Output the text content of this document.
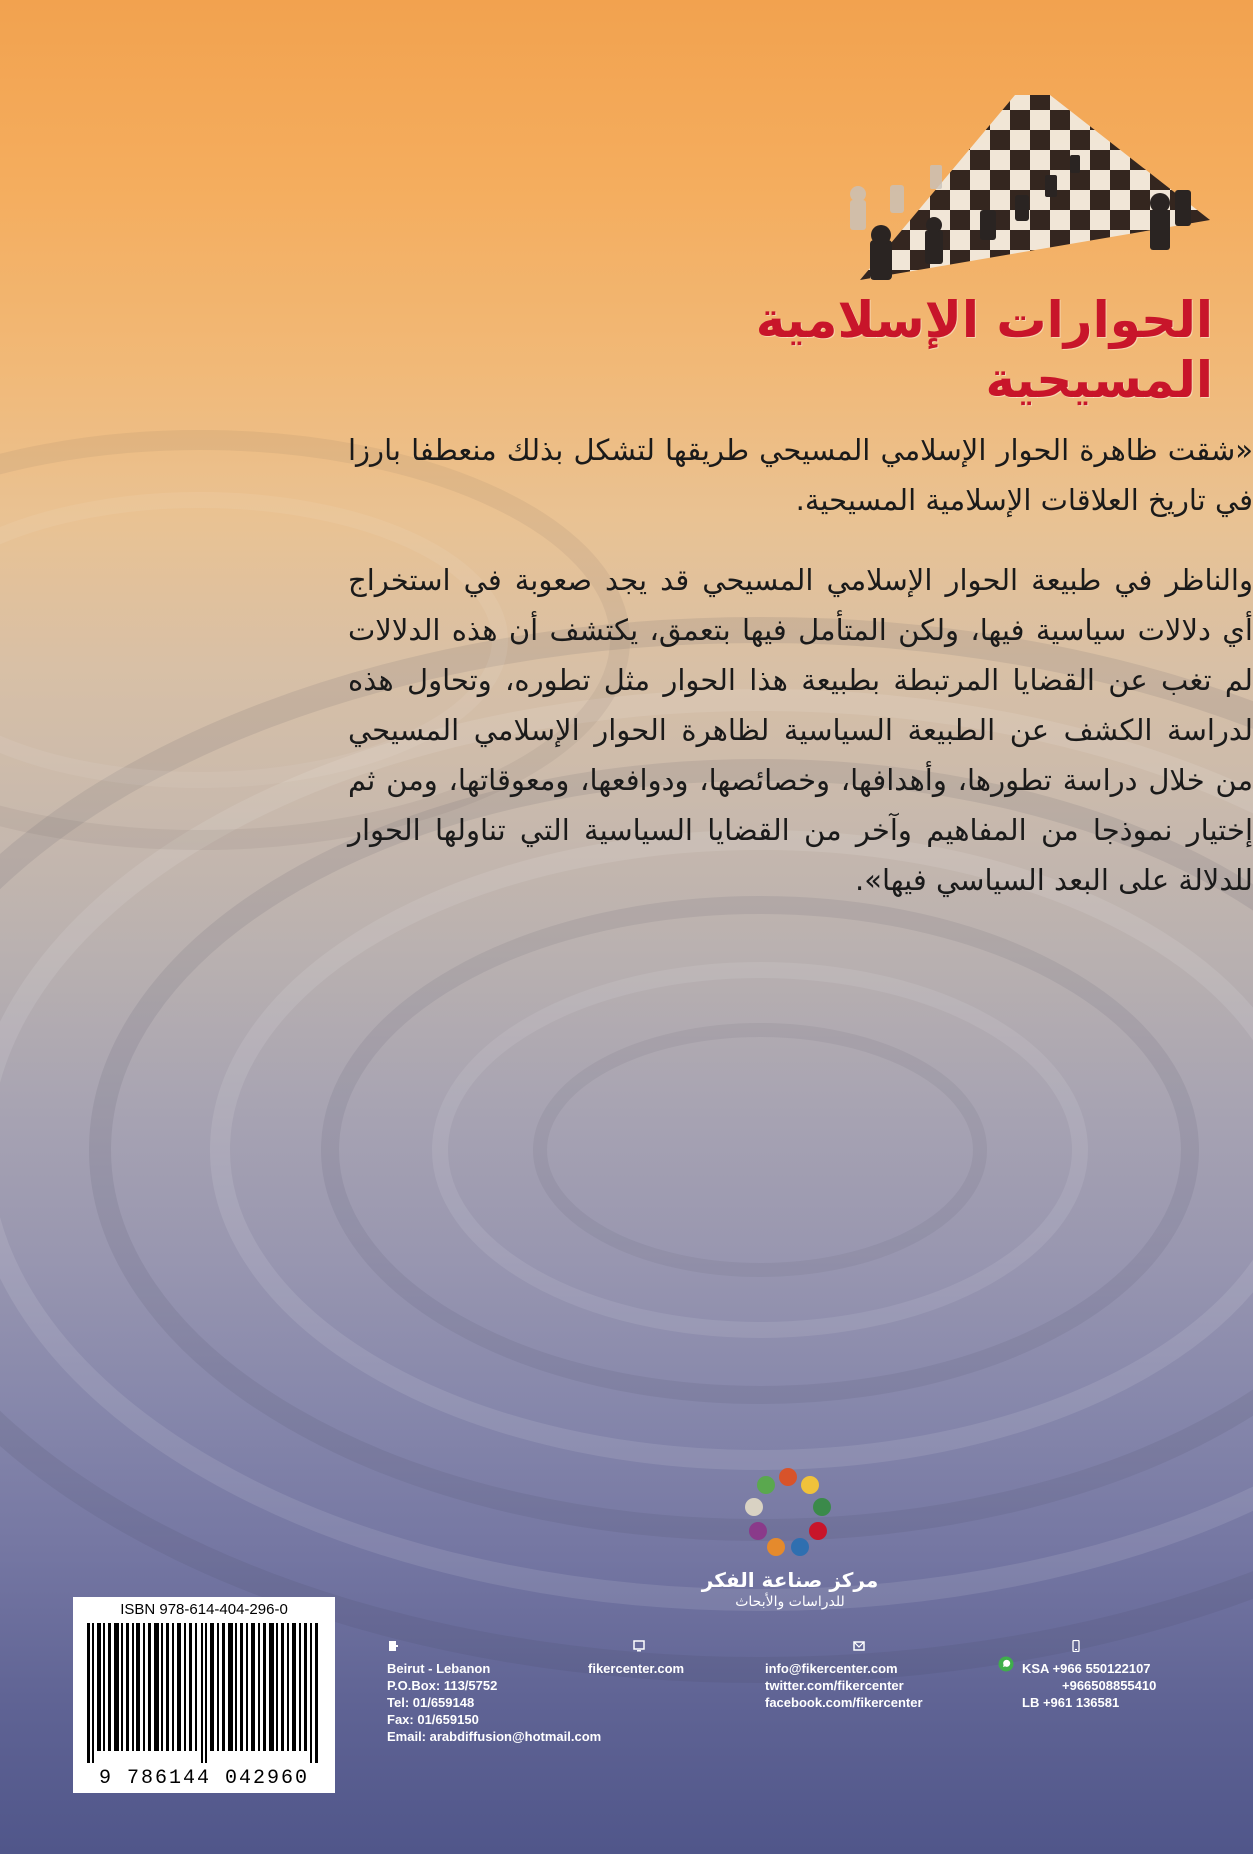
الحوارات الإسلامية المسيحية

«شقت ظاهرة الحوار الإسلامي المسيحي طريقها لتشكل بذلك منعطفا بارزا في تاريخ العلاقات الإسلامية المسيحية.

والناظر في طبيعة الحوار الإسلامي المسيحي قد يجد صعوبة في استخراج أي دلالات سياسية فيها، ولكن المتأمل فيها بتعمق، يكتشف أن هذه الدلالات لم تغب عن القضايا المرتبطة بطبيعة هذا الحوار مثل تطوره، وتحاول هذه لدراسة الكشف عن الطبيعة السياسية لظاهرة الحوار الإسلامي المسيحي من خلال دراسة تطورها، وأهدافها، وخصائصها، ودوافعها، ومعوقاتها، ومن ثم إختيار نموذجا من المفاهيم وآخر من القضايا السياسية التي تناولها الحوار للدلالة على البعد السياسي فيها».

مركز صناعة الفكر
للدراسات والأبحاث
ISBN 978-614-404-296-0
9 786144 042960
Beirut - Lebanon
P.O.Box: 113/5752
Tel: 01/659148
Fax: 01/659150
Email: arabdiffusion@hotmail.com
fikercenter.com	info@fikercenter.com
twitter.com/fikercenter
facebook.com/fikercenter
KSA +966 550122107
+966508855410
LB +961 136581
